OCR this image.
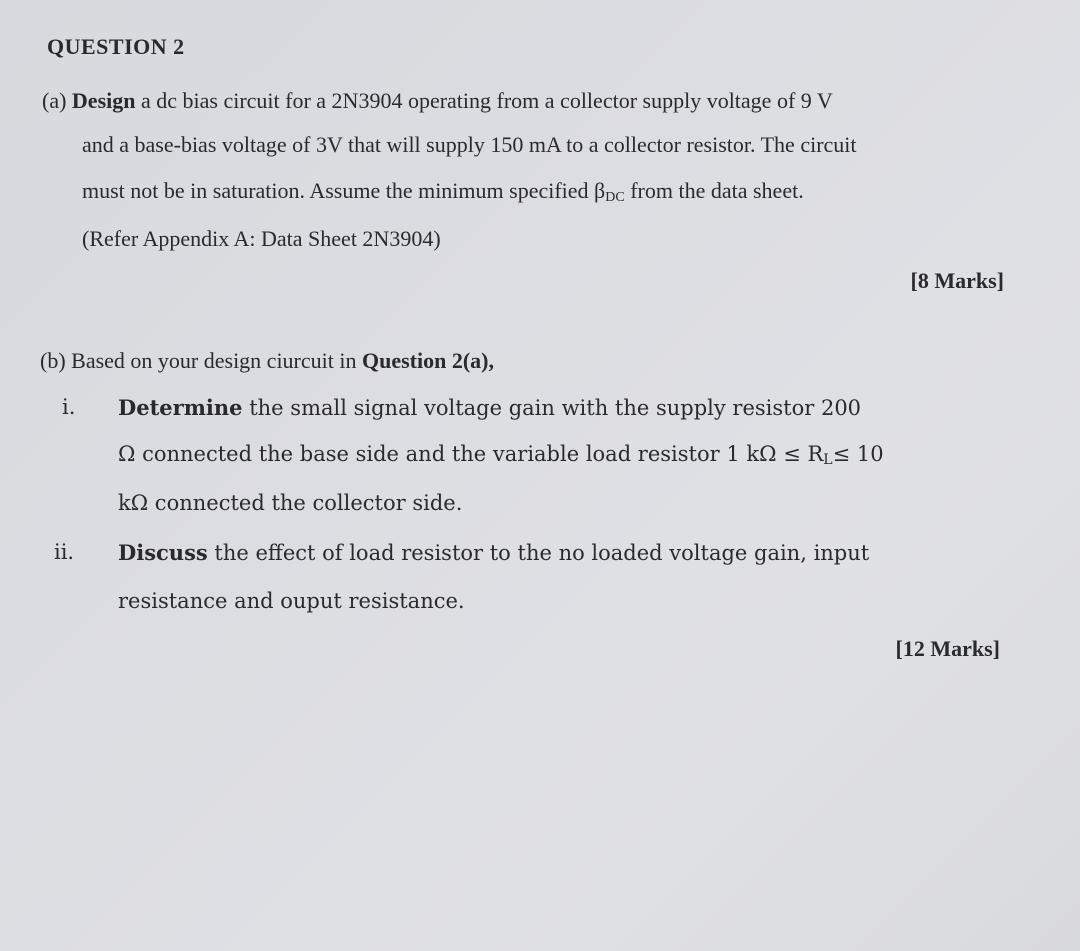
QUESTION 2
(a) Design a dc bias circuit for a 2N3904 operating from a collector supply voltage of 9 V
and a base-bias voltage of 3V that will supply 150 mA to a collector resistor. The circuit
must not be in saturation. Assume the minimum specified $\beta_{DC}$ from the data sheet.
(Refer Appendix A: Data Sheet 2N3904)
[8 Marks]
(b) Based on your design ciurcuit in Question 2(a),
i. Determine the small signal voltage gain with the supply resistor 200
Ω connected the base side and the variable load resistor 1 $k\Omega \le R_L\le 10$
kΩ connected the collector side.
ii. Discuss the effect of load resistor to the no loaded voltage gain, input
resistance and ouput resistance.
[12 Marks]
